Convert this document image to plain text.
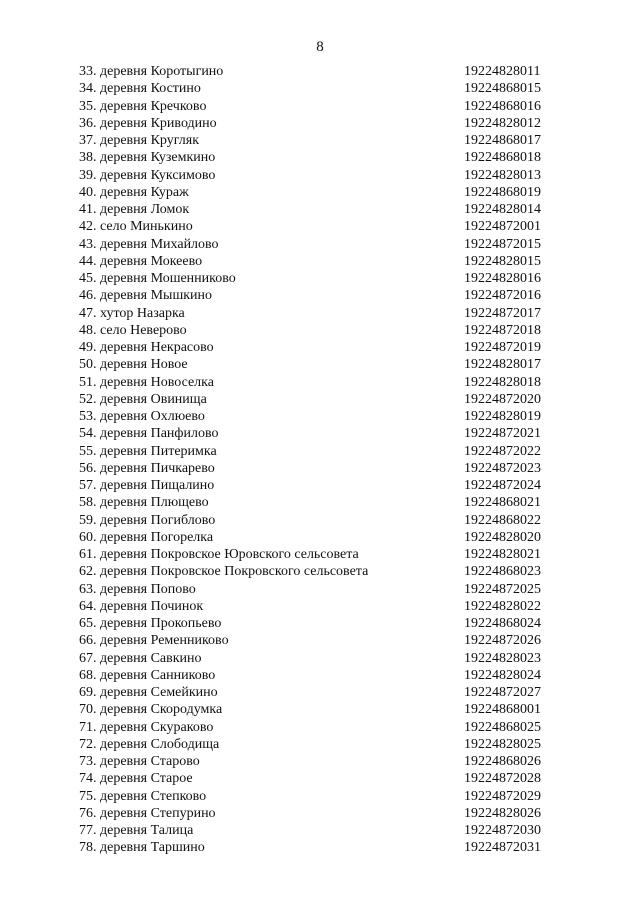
8
33. деревня Коротыгино	19224828011
34. деревня Костино	19224868015
35. деревня Кречково	19224868016
36. деревня Криводино	19224828012
37. деревня Кругляк	19224868017
38. деревня Куземкино	19224868018
39. деревня Куксимово	19224828013
40. деревня Кураж	19224868019
41. деревня Ломок	19224828014
42. село Минькино	19224872001
43. деревня Михайлово	19224872015
44. деревня Мокеево	19224828015
45. деревня Мошенниково	19224828016
46. деревня Мышкино	19224872016
47. хутор Назарка	19224872017
48. село Неверово	19224872018
49. деревня Некрасово	19224872019
50. деревня Новое	19224828017
51. деревня Новоселка	19224828018
52. деревня Овинища	19224872020
53. деревня Охлюево	19224828019
54. деревня Панфилово	19224872021
55. деревня Питеримка	19224872022
56. деревня Пичкарево	19224872023
57. деревня Пищалино	19224872024
58. деревня Плющево	19224868021
59. деревня Погиблово	19224868022
60. деревня Погорелка	19224828020
61. деревня Покровское Юровского сельсовета	19224828021
62. деревня Покровское Покровского сельсовета	19224868023
63. деревня Попово	19224872025
64. деревня Починок	19224828022
65. деревня Прокопьево	19224868024
66. деревня Ременниково	19224872026
67. деревня Савкино	19224828023
68. деревня Санниково	19224828024
69. деревня Семейкино	19224872027
70. деревня Скородумка	19224868001
71. деревня Скураково	19224868025
72. деревня Слободища	19224828025
73. деревня Старово	19224868026
74. деревня Старое	19224872028
75. деревня Степково	19224872029
76. деревня Степурино	19224828026
77. деревня Талица	19224872030
78. деревня Таршино	19224872031
